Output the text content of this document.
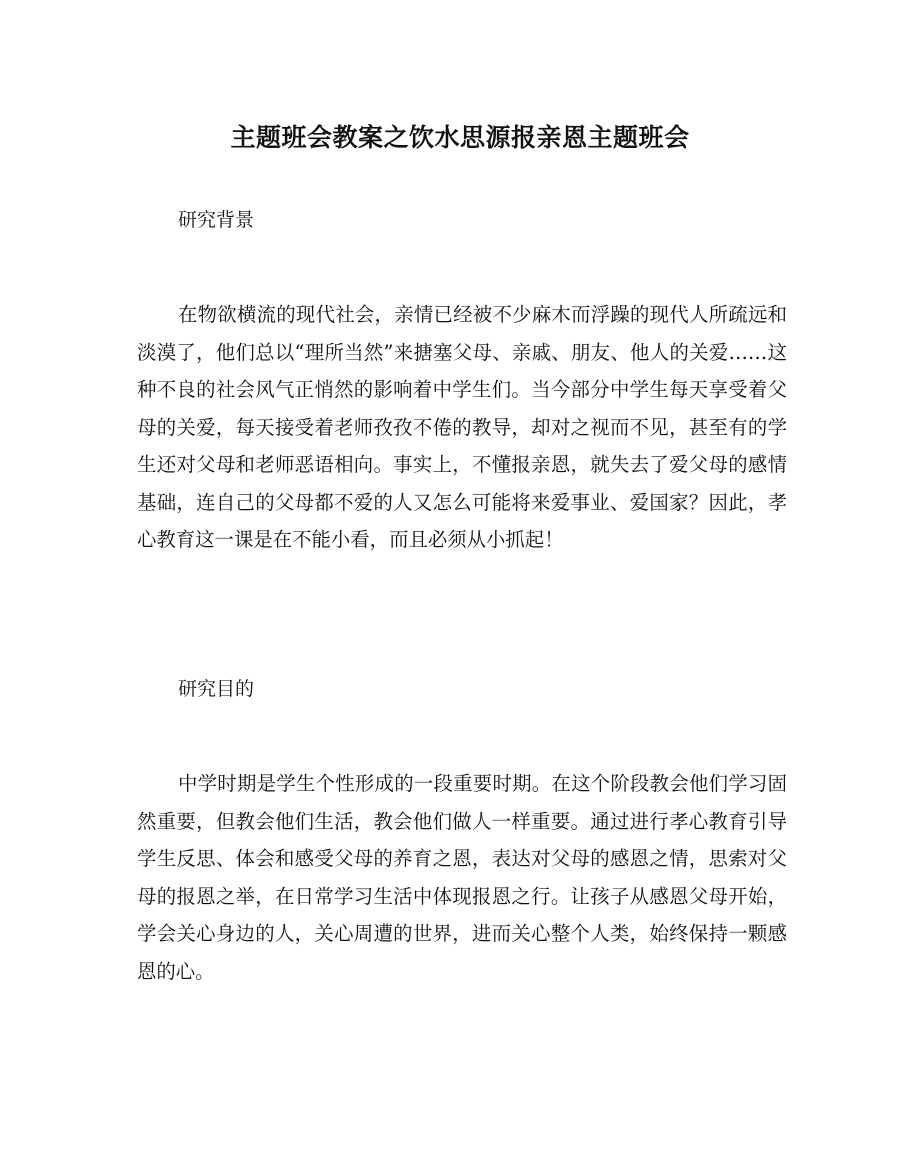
主题班会教案之饮水思源报亲恩主题班会
研究背景

在物欲横流的现代社会，亲情已经被不少麻木而浮躁的现代人所疏远和淡漠了，他们总以“理所当然”来搪塞父母、亲戚、朋友、他人的关爱……这种不良的社会风气正悄然的影响着中学生们。当今部分中学生每天享受着父母的关爱，每天接受着老师孜孜不倦的教导，却对之视而不见，甚至有的学生还对父母和老师恶语相向。事实上，不懂报亲恩，就失去了爱父母的感情基础，连自己的父母都不爱的人又怎么可能将来爱事业、爱国家？因此，孝心教育这一课是在不能小看，而且必须从小抓起！

研究目的

中学时期是学生个性形成的一段重要时期。在这个阶段教会他们学习固然重要，但教会他们生活，教会他们做人一样重要。通过进行孝心教育引导学生反思、体会和感受父母的养育之恩，表达对父母的感恩之情，思索对父母的报恩之举，在日常学习生活中体现报恩之行。让孩子从感恩父母开始，学会关心身边的人，关心周遭的世界，进而关心整个人类，始终保持一颗感恩的心。
